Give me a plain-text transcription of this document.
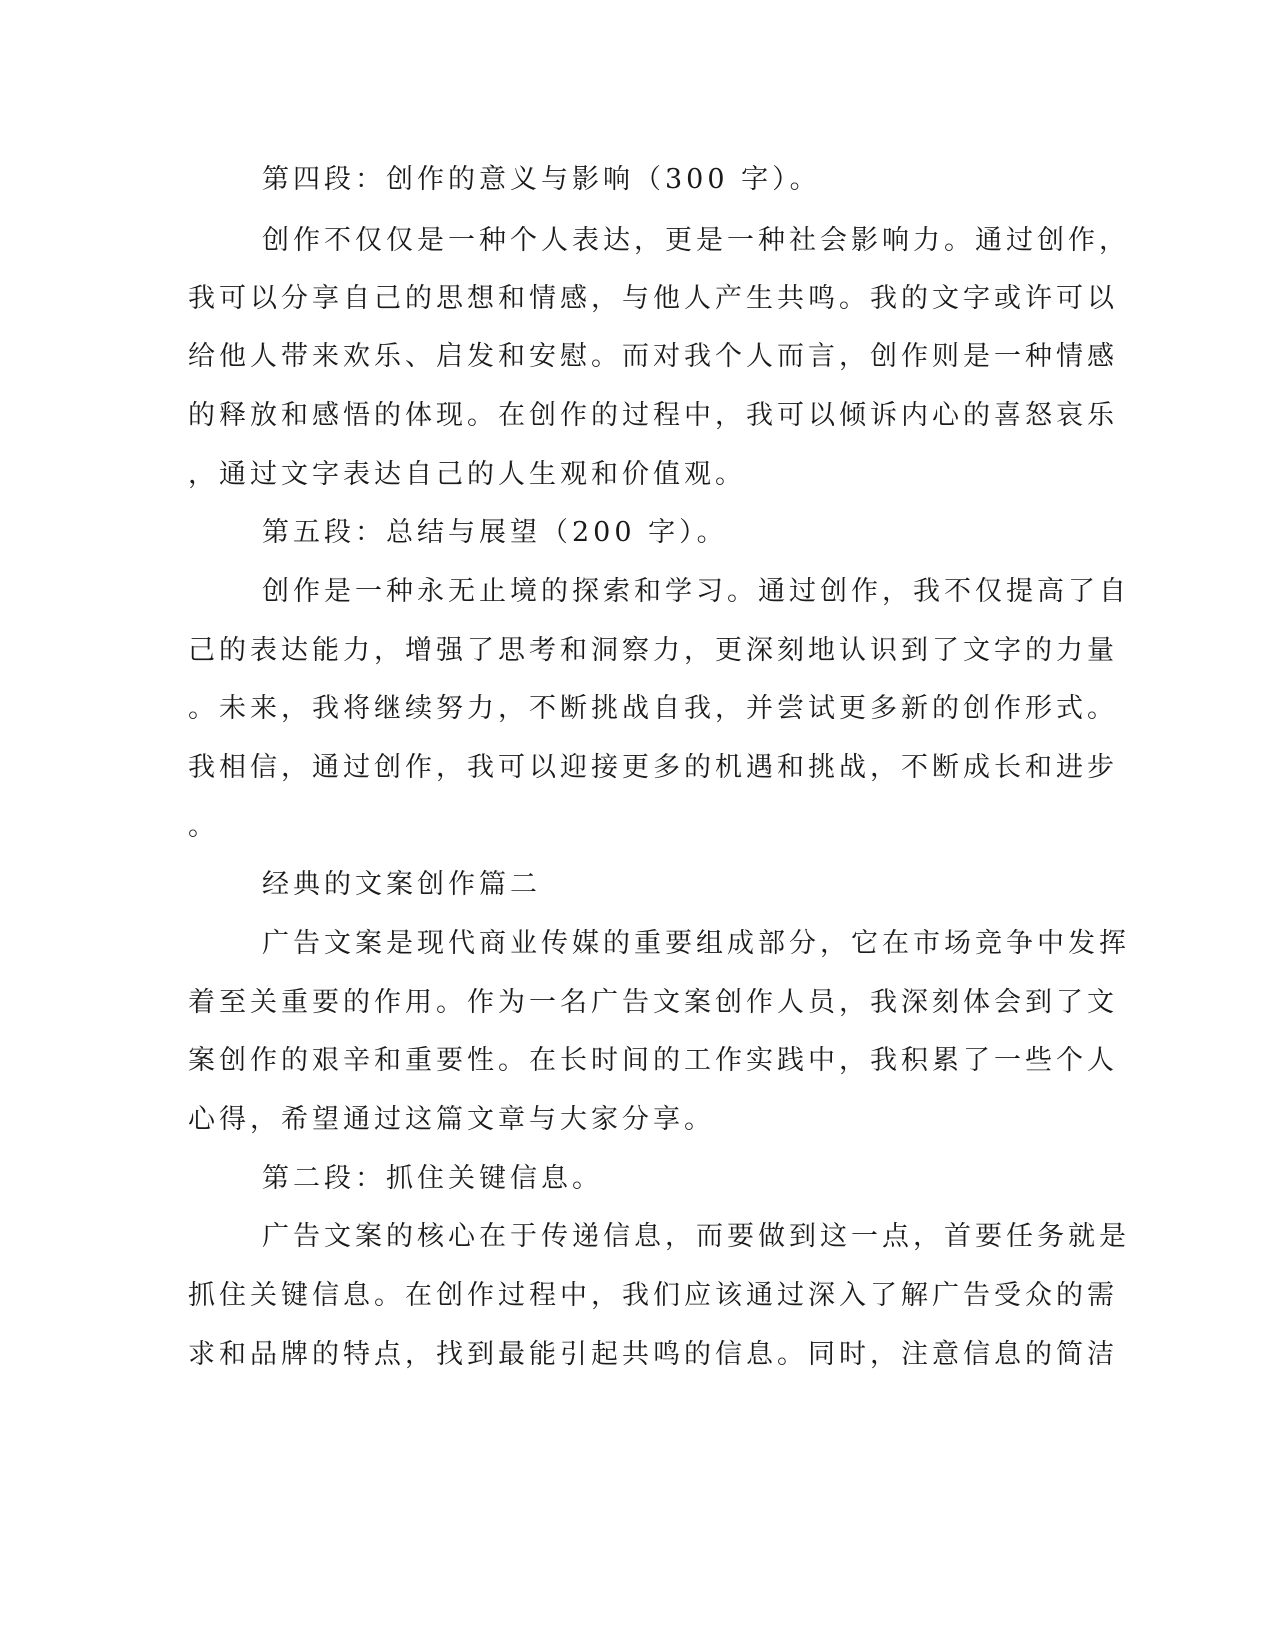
第四段：创作的意义与影响（300 字）。
创作不仅仅是一种个人表达，更是一种社会影响力。通过创作，
我可以分享自己的思想和情感，与他人产生共鸣。我的文字或许可以
给他人带来欢乐、启发和安慰。而对我个人而言，创作则是一种情感
的释放和感悟的体现。在创作的过程中，我可以倾诉内心的喜怒哀乐
，通过文字表达自己的人生观和价值观。
第五段：总结与展望（200 字）。
创作是一种永无止境的探索和学习。通过创作，我不仅提高了自
己的表达能力，增强了思考和洞察力，更深刻地认识到了文字的力量
。未来，我将继续努力，不断挑战自我，并尝试更多新的创作形式。
我相信，通过创作，我可以迎接更多的机遇和挑战，不断成长和进步
。
经典的文案创作篇二
广告文案是现代商业传媒的重要组成部分，它在市场竞争中发挥
着至关重要的作用。作为一名广告文案创作人员，我深刻体会到了文
案创作的艰辛和重要性。在长时间的工作实践中，我积累了一些个人
心得，希望通过这篇文章与大家分享。
第二段：抓住关键信息。
广告文案的核心在于传递信息，而要做到这一点，首要任务就是
抓住关键信息。在创作过程中，我们应该通过深入了解广告受众的需
求和品牌的特点，找到最能引起共鸣的信息。同时，注意信息的简洁
